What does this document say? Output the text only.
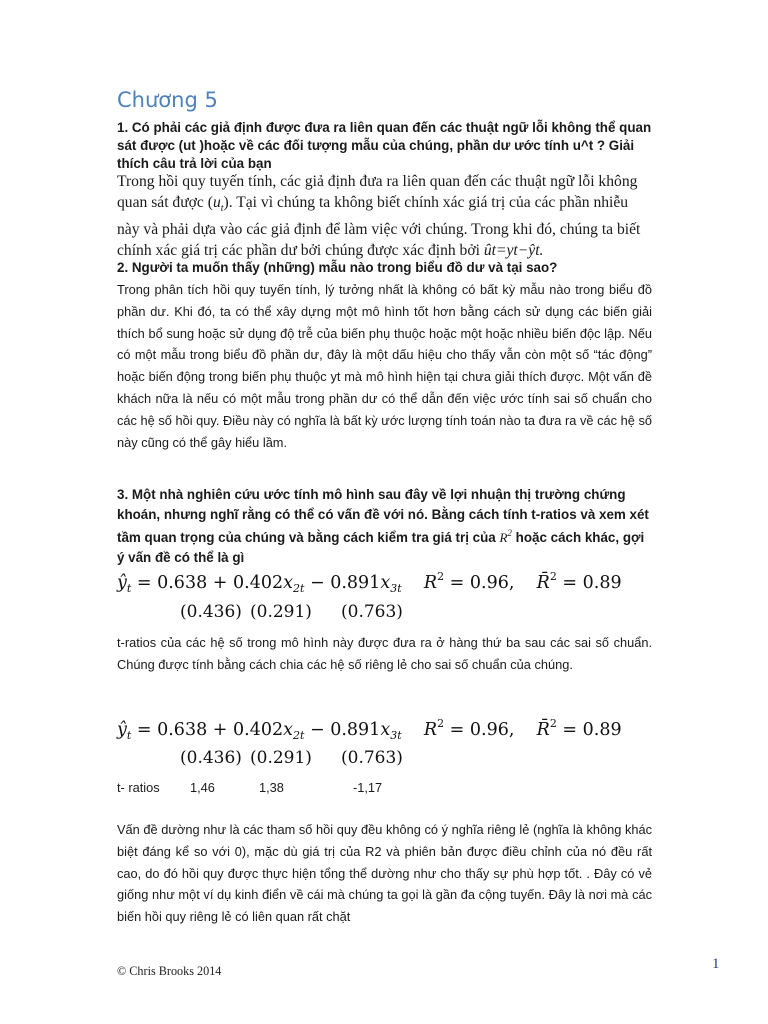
Chương 5

1. Có phải các giả định được đưa ra liên quan đến các thuật ngữ lỗi không thể quan sát được (ut )hoặc về các đối tượng mẫu của chúng, phần dư ước tính u^t ? Giải thích câu trả lời của bạn

Trong hồi quy tuyến tính, các giả định đưa ra liên quan đến các thuật ngữ lỗi không quan sát được $(u_t)$. Tại vì chúng ta không biết chính xác giá trị của các phần nhiễu này và phải dựa vào các giả định để làm việc với chúng. Trong khi đó, chúng ta biết chính xác giá trị các phần dư bởi chúng được xác định bởi ût=yt−ŷt.

2. Người ta muốn thấy (những) mẫu nào trong biểu đồ dư và tại sao?

Trong phân tích hồi quy tuyến tính, lý tưởng nhất là không có bất kỳ mẫu nào trong biểu đồ phần dư. Khi đó, ta có thể xây dựng một mô hình tốt hơn bằng cách sử dụng các biến giải thích bổ sung hoặc sử dụng độ trễ của biến phụ thuộc hoặc một hoặc nhiều biến độc lập. Nếu có một mẫu trong biểu đồ phần dư, đây là một dấu hiệu cho thấy vẫn còn một số “tác động” hoặc biến động trong biến phụ thuộc yt mà mô hình hiện tại chưa giải thích được. Một vấn đề khách nữa là nếu có một mẫu trong phần dư có thể dẫn đến việc ước tính sai số chuẩn cho các hệ số hồi quy. Điều này có nghĩa là bất kỳ ước lượng tính toán nào ta đưa ra về các hệ số này cũng có thể gây hiểu lầm.

3. Một nhà nghiên cứu ước tính mô hình sau đây về lợi nhuận thị trường chứng khoán, nhưng nghĩ rằng có thể có vấn đề với nó. Bằng cách tính t-ratios và xem xét tầm quan trọng của chúng và bằng cách kiểm tra giá trị của $R^2$ hoặc cách khác, gợi ý vấn đề có thể là gì

$ŷ_t = 0.638 + 0.402x_{2t} - 0.891x_{3t}$ $R^2 = 0.96$, R̄$^2$ = 0.89
(0.436) (0.291) (0.763)

t-ratios của các hệ số trong mô hình này được đưa ra ở hàng thứ ba sau các sai số chuẩn. Chúng được tính bằng cách chia các hệ số riêng lẻ cho sai số chuẩn của chúng.

$ŷ_t = 0.638 + 0.402x_{2t} - 0.891x_{3t}$ $R^2 = 0.96$, R̄$^2$ = 0.89
(0.436) (0.291) (0.763)
t- ratios 1,46	1,38	-1,17

Vấn đề dường như là các tham số hồi quy đều không có ý nghĩa riêng lẻ (nghĩa là không khác biệt đáng kể so với 0), mặc dù giá trị của R2 và phiên bản được điều chỉnh của nó đều rất cao, do đó hồi quy được thực hiện tổng thể dường như cho thấy sự phù hợp tốt. . Đây có vẻ giống như một ví dụ kinh điển về cái mà chúng ta gọi là gần đa cộng tuyến. Đây là nơi mà các biến hồi quy riêng lẻ có liên quan rất chặt

© Chris Brooks 2014	1
